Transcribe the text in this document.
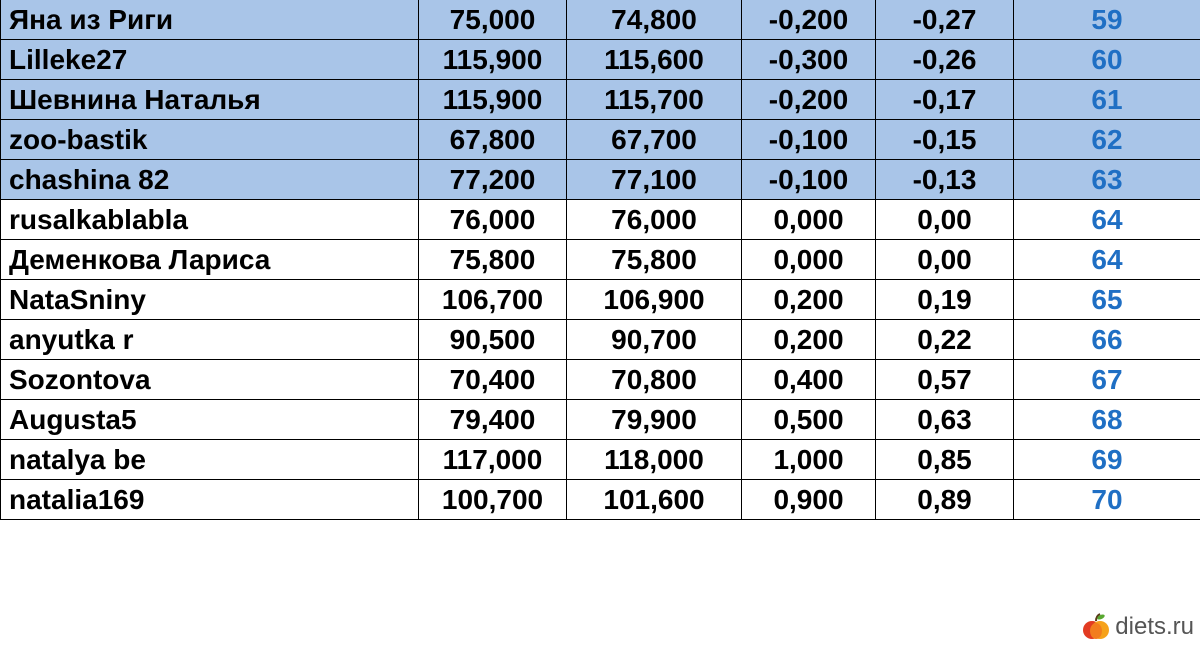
Яна из Риги	75,000	74,800	-0,200	-0,27	59
Lilleke27	115,900	115,600	-0,300	-0,26	60
Шевнина Наталья	115,900	115,700	-0,200	-0,17	61
zoo-bastik	67,800	67,700	-0,100	-0,15	62
chashina 82	77,200	77,100	-0,100	-0,13	63
rusalkablabla	76,000	76,000	0,000	0,00	64
Деменкова Лариса	75,800	75,800	0,000	0,00	64
NataSniny	106,700	106,900	0,200	0,19	65
anyutka r	90,500	90,700	0,200	0,22	66
Sozontova	70,400	70,800	0,400	0,57	67
Augusta5	79,400	79,900	0,500	0,63	68
natalya be	117,000	118,000	1,000	0,85	69
natalia169	100,700	101,600	0,900	0,89	70
diets.ru
